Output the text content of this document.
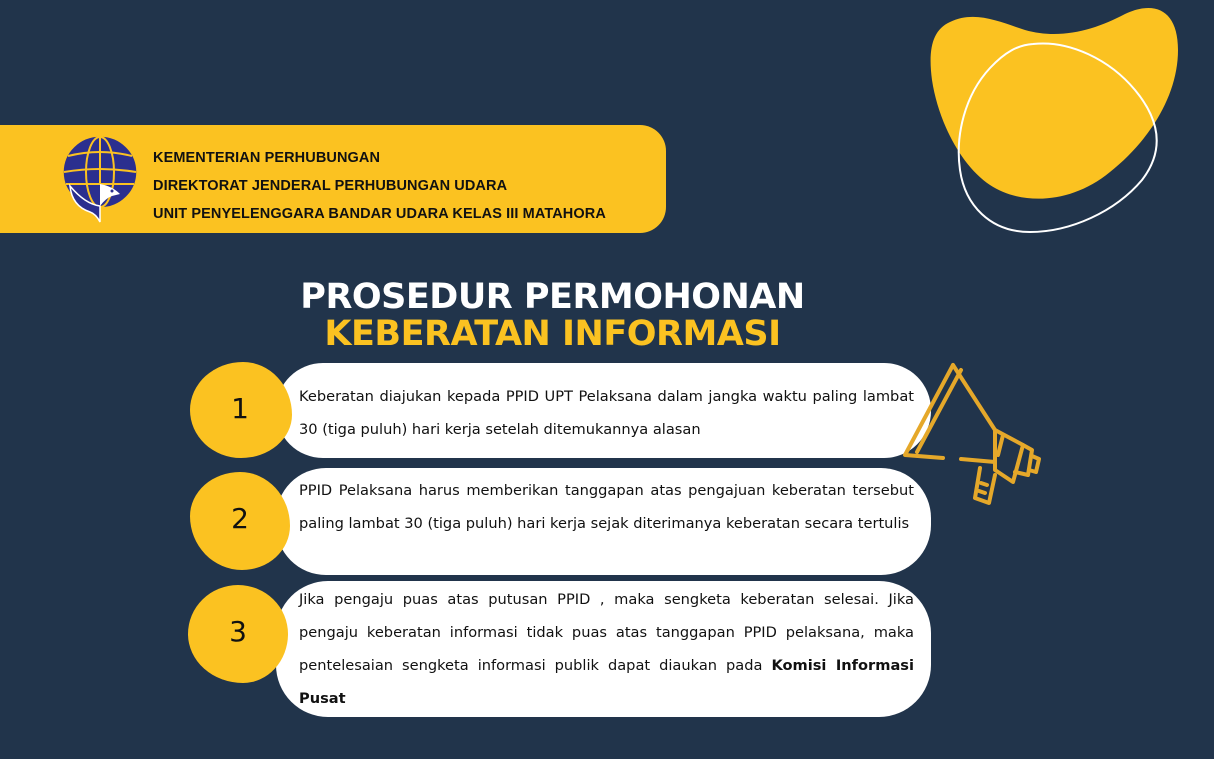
KEMENTERIAN PERHUBUNGAN
DIREKTORAT JENDERAL PERHUBUNGAN UDARA
UNIT PENYELENGGARA BANDAR UDARA KELAS III MATAHORA
PROSEDUR PERMOHONAN
KEBERATAN INFORMASI
1	Keberatan diajukan kepada PPID UPT Pelaksana dalam jangka waktu paling lambat 30 (tiga puluh) hari kerja setelah ditemukannya alasan
2
PPID Pelaksana harus memberikan tanggapan atas pengajuan keberatan tersebut paling lambat 30 (tiga puluh) hari kerja sejak diterimanya keberatan secara tertulis
3
Jika pengaju puas atas putusan PPID , maka sengketa keberatan selesai. Jika pengaju keberatan informasi tidak puas atas tanggapan PPID pelaksana, maka pentelesaian sengketa informasi publik dapat diaukan pada Komisi Informasi Pusat
